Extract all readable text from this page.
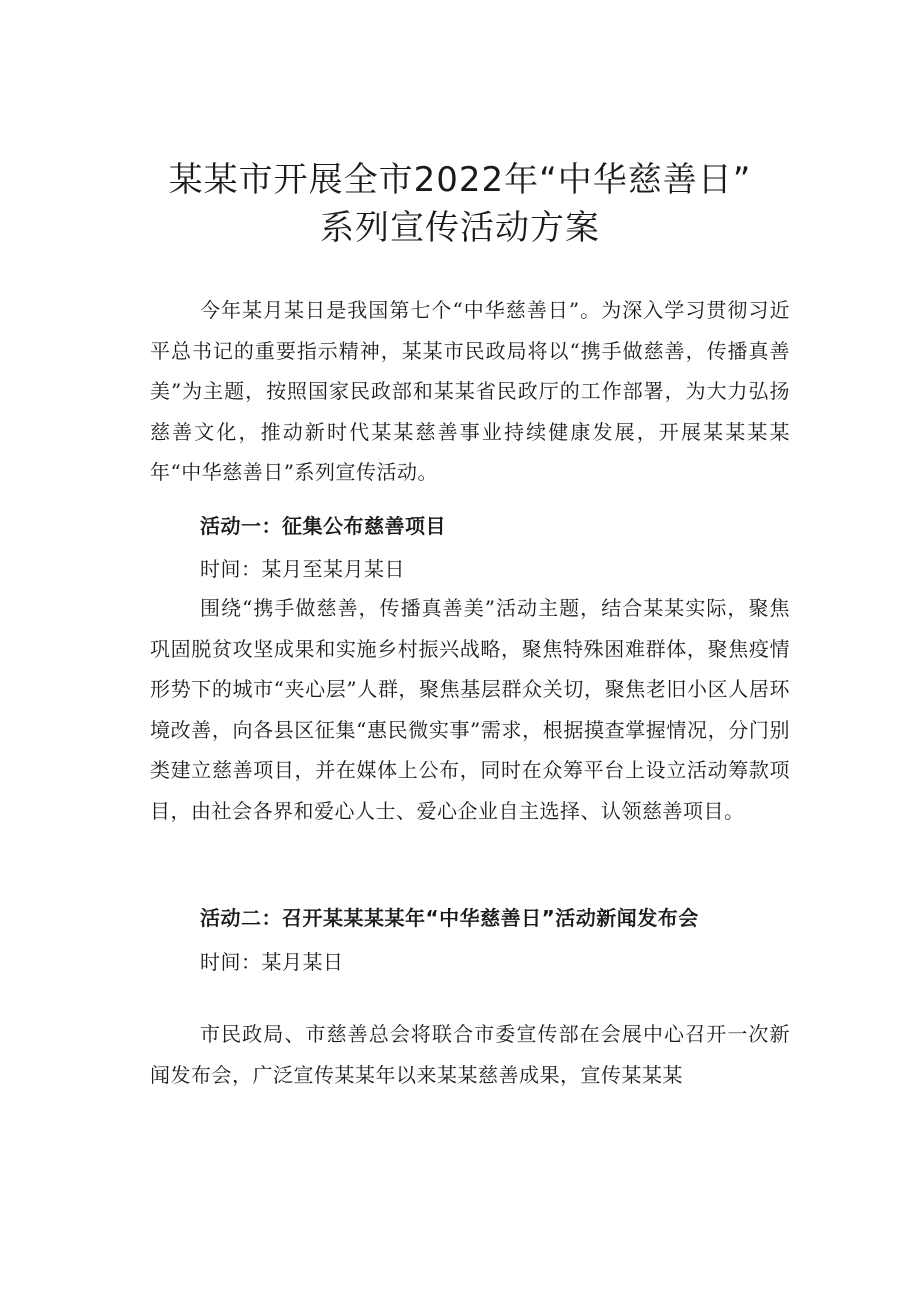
某某市开展全市2022年“中华慈善日”
系列宣传活动方案

今年某月某日是我国第七个“中华慈善日”。为深入学习贯彻习近平总书记的重要指示精神，某某市民政局将以“携手做慈善，传播真善美”为主题，按照国家民政部和某某省民政厅的工作部署，为大力弘扬慈善文化，推动新时代某某慈善事业持续健康发展，开展某某某某年“中华慈善日”系列宣传活动。

活动一：征集公布慈善项目

时间：某月至某月某日

围绕“携手做慈善，传播真善美”活动主题，结合某某实际，聚焦巩固脱贫攻坚成果和实施乡村振兴战略，聚焦特殊困难群体，聚焦疫情形势下的城市“夹心层”人群，聚焦基层群众关切，聚焦老旧小区人居环境改善，向各县区征集“惠民微实事”需求，根据摸查掌握情况，分门别类建立慈善项目，并在媒体上公布，同时在众筹平台上设立活动筹款项目，由社会各界和爱心人士、爱心企业自主选择、认领慈善项目。

活动二：召开某某某某年“中华慈善日”活动新闻发布会

时间：某月某日

市民政局、市慈善总会将联合市委宣传部在会展中心召开一次新闻发布会，广泛宣传某某年以来某某慈善成果，宣传某某某
